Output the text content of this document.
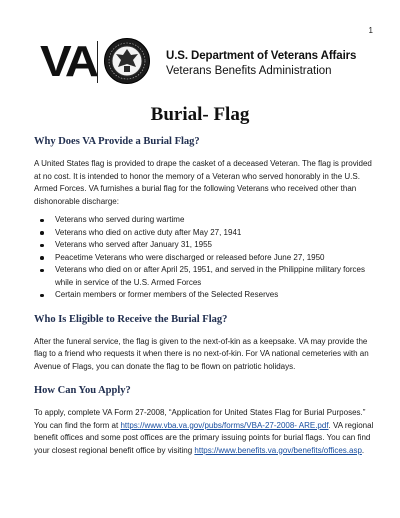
1
VA	U.S. Department of Veterans Affairs
Veterans Benefits Administration
Burial- Flag
Why Does VA Provide a Burial Flag?

A United States flag is provided to drape the casket of a deceased Veteran. The flag is provided at no cost. It is intended to honor the memory of a Veteran who served honorably in the U.S. Armed Forces. VA furnishes a burial flag for the following Veterans who received other than dishonorable discharge:

Veterans who served during wartime
Veterans who died on active duty after May 27, 1941
Veterans who served after January 31, 1955
Peacetime Veterans who were discharged or released before June 27, 1950
Veterans who died on or after April 25, 1951, and served in the Philippine military forces while in service of the U.S. Armed Forces
Certain members or former members of the Selected Reserves
Who Is Eligible to Receive the Burial Flag?

After the funeral service, the flag is given to the next-of-kin as a keepsake. VA may provide the flag to a friend who requests it when there is no next-of-kin. For VA national cemeteries with an Avenue of Flags, you can donate the flag to be flown on patriotic holidays.

How Can You Apply?

To apply, complete VA Form 27-2008, “Application for United States Flag for Burial Purposes.” You can find the form at https://www.vba.va.gov/pubs/forms/VBA-27-2008- ARE.pdf. VA regional benefit offices and some post offices are the primary issuing points for burial flags. You can find your closest regional benefit office by visiting https://www.benefits.va.gov/benefits/offices.asp.
